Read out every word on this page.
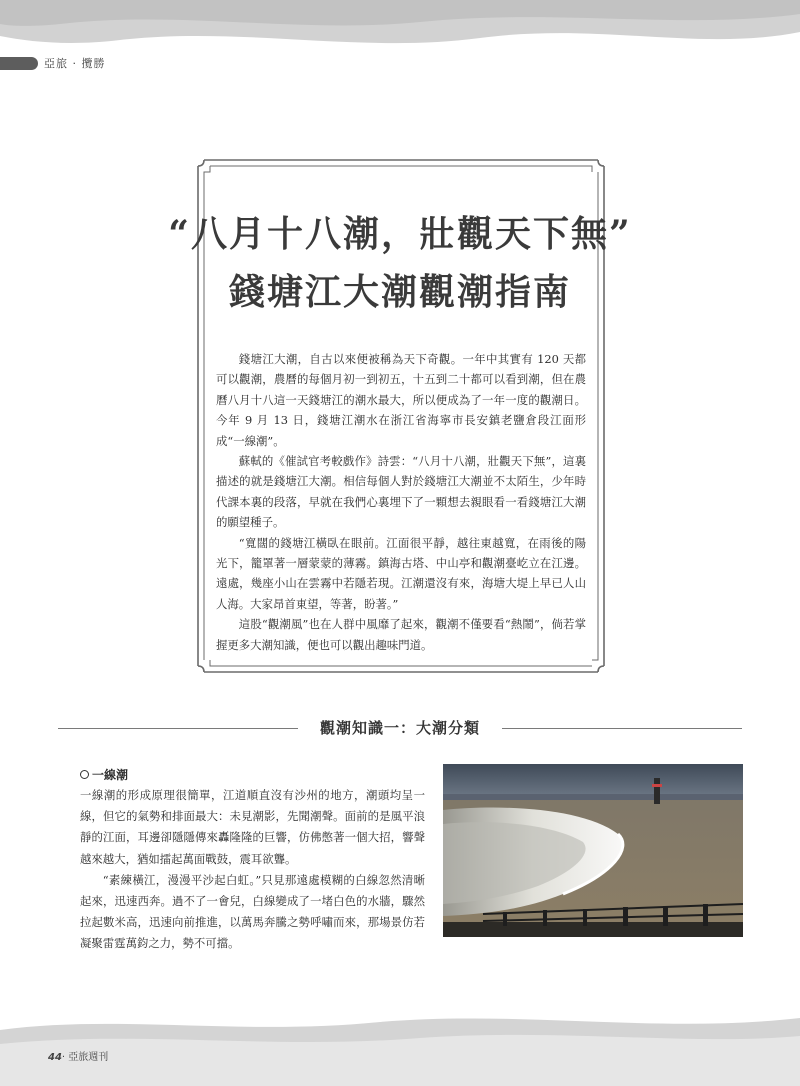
亞旅 · 攬勝
“八月十八潮，壯觀天下無”
錢塘江大潮觀潮指南

錢塘江大潮，自古以來便被稱為天下奇觀。一年中其實有 120 天都可以觀潮，農曆的每個月初一到初五，十五到二十都可以看到潮，但在農曆八月十八這一天錢塘江的潮水最大，所以便成為了一年一度的觀潮日。今年 9 月 13 日，錢塘江潮水在浙江省海寧市長安鎮老鹽倉段江面形成“一線潮”。

蘇軾的《催試官考較戲作》詩雲：“八月十八潮，壯觀天下無”，這裏描述的就是錢塘江大潮。相信每個人對於錢塘江大潮並不太陌生，少年時代課本裏的段落，早就在我們心裏埋下了一顆想去親眼看一看錢塘江大潮的願望種子。

“寬闊的錢塘江橫臥在眼前。江面很平靜，越往東越寬，在雨後的陽光下，籠罩著一層蒙蒙的薄霧。鎮海古塔、中山亭和觀潮臺屹立在江邊。遠處，幾座小山在雲霧中若隱若現。江潮還沒有來，海塘大堤上早已人山人海。大家昂首東望，等著，盼著。”

這股“觀潮風”也在人群中風靡了起來，觀潮不僅要看“熱鬧”，倘若掌握更多大潮知識，便也可以觀出趣味門道。

觀潮知識一：大潮分類
一線潮

一線潮的形成原理很簡單，江道順直沒有沙州的地方，潮頭均呈一線，但它的氣勢和排面最大：未見潮影，先聞潮聲。面前的是風平浪靜的江面，耳邊卻隱隱傳來轟隆隆的巨響，仿佛憋著一個大招，響聲越來越大，猶如擂起萬面戰鼓，震耳欲聾。

“素練橫江，漫漫平沙起白虹。”只見那遠處模糊的白線忽然清晰起來，迅速西奔。過不了一會兒，白線變成了一堵白色的水牆，驟然拉起數米高，迅速向前推進，以萬馬奔騰之勢呼嘯而來，那場景仿若凝聚雷霆萬鈞之力，勢不可擋。

44· 亞旅週刊
